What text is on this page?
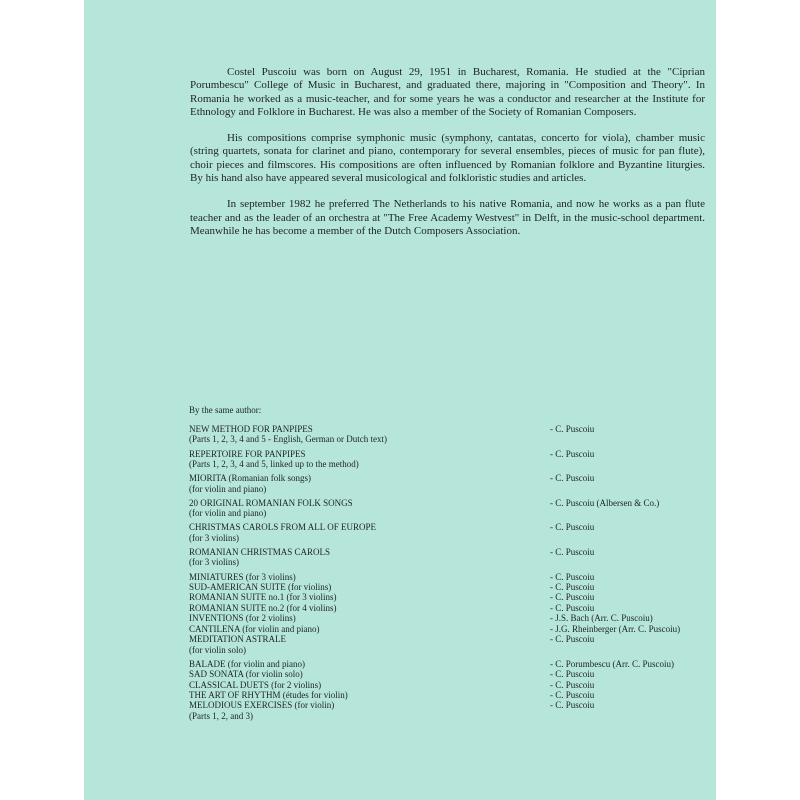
Costel Puscoiu was born on August 29, 1951 in Bucharest, Romania. He studied at the "Ciprian Porumbescu" College of Music in Bucharest, and graduated there, majoring in "Composition and Theory". In Romania he worked as a music-teacher, and for some years he was a conductor and researcher at the Institute for Ethnology and Folklore in Bucharest. He was also a member of the Society of Romanian Composers.

His compositions comprise symphonic music (symphony, cantatas, concerto for viola), chamber music (string quartets, sonata for clarinet and piano, contemporary for several ensembles, pieces of music for pan flute), choir pieces and filmscores. His compositions are often influenced by Romanian folklore and Byzantine liturgies. By his hand also have appeared several musicological and folkloristic studies and articles.

In september 1982 he preferred The Netherlands to his native Romania, and now he works as a pan flute teacher and as the leader of an orchestra at "The Free Academy Westvest" in Delft, in the music-school department. Meanwhile he has become a member of the Dutch Composers Association.

By the same author:

NEW METHOD FOR PANPIPES
(Parts 1, 2, 3, 4 and 5 - English, German or Dutch text)
- C. Puscoiu
REPERTOIRE FOR PANPIPES
(Parts 1, 2, 3, 4 and 5, linked up to the method)
- C. Puscoiu
MIORITA (Romanian folk songs)
(for violin and piano)
- C. Puscoiu
20 ORIGINAL ROMANIAN FOLK SONGS
(for violin and piano)
- C. Puscoiu (Albersen & Co.)
CHRISTMAS CAROLS FROM ALL OF EUROPE
(for 3 violins)
- C. Puscoiu
ROMANIAN CHRISTMAS CAROLS
(for 3 violins)
- C. Puscoiu
MINIATURES (for 3 violins)	- C. Puscoiu
SUD-AMERICAN SUITE (for violins)	- C. Puscoiu
ROMANIAN SUITE no.1 (for 3 violins)	- C. Puscoiu
ROMANIAN SUITE no.2 (for 4 violins)	- C. Puscoiu
INVENTIONS (for 2 violins)	- J.S. Bach (Arr. C. Puscoiu)
CANTILENA (for violin and piano)	- J.G. Rheinberger (Arr. C. Puscoiu)
MEDITATION ASTRALE
(for violin solo)
- C. Puscoiu
BALADE (for violin and piano)	- C. Porumbescu (Arr. C. Puscoiu)
SAD SONATA (for violin solo)	- C. Puscoiu
CLASSICAL DUETS (for 2 violins)	- C. Puscoiu
THE ART OF RHYTHM (études for violin)	- C. Puscoiu
MELODIOUS EXERCISES (for violin)
(Parts 1, 2, and 3)
- C. Puscoiu
